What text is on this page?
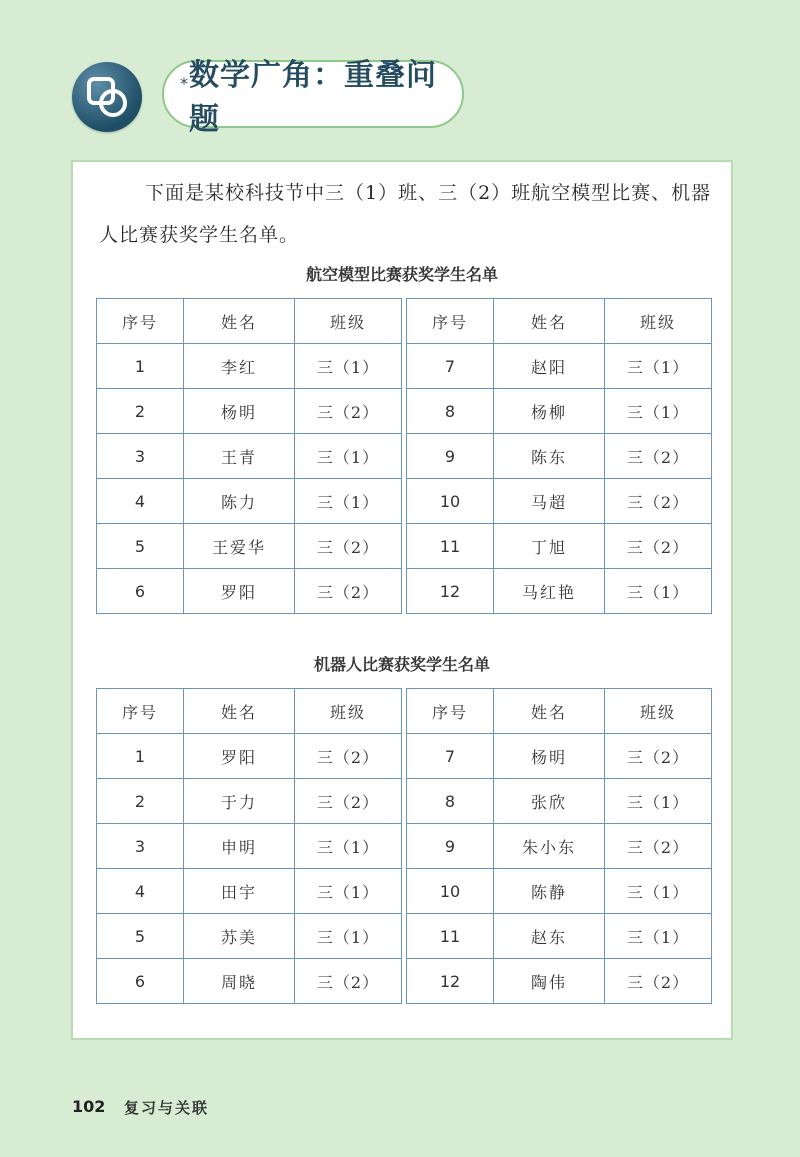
* 数学广角：重叠问题
下面是某校科技节中三（1）班、三（2）班航空模型比赛、机器人比赛获奖学生名单。
航空模型比赛获奖学生名单
序号	姓名	班级
1	李红	三（1）
2	杨明	三（2）
3	王青	三（1）
4	陈力	三（1）
5	王爱华	三（2）
6	罗阳	三（2）
序号	姓名	班级
7	赵阳	三（1）
8	杨柳	三（1）
9	陈东	三（2）
10	马超	三（2）
11	丁旭	三（2）
12	马红艳	三（1）
机器人比赛获奖学生名单
序号	姓名	班级
1	罗阳	三（2）
2	于力	三（2）
3	申明	三（1）
4	田宇	三（1）
5	苏美	三（1）
6	周晓	三（2）
序号	姓名	班级
7	杨明	三（2）
8	张欣	三（1）
9	朱小东	三（2）
10	陈静	三（1）
11	赵东	三（1）
12	陶伟	三（2）
102 复习与关联
